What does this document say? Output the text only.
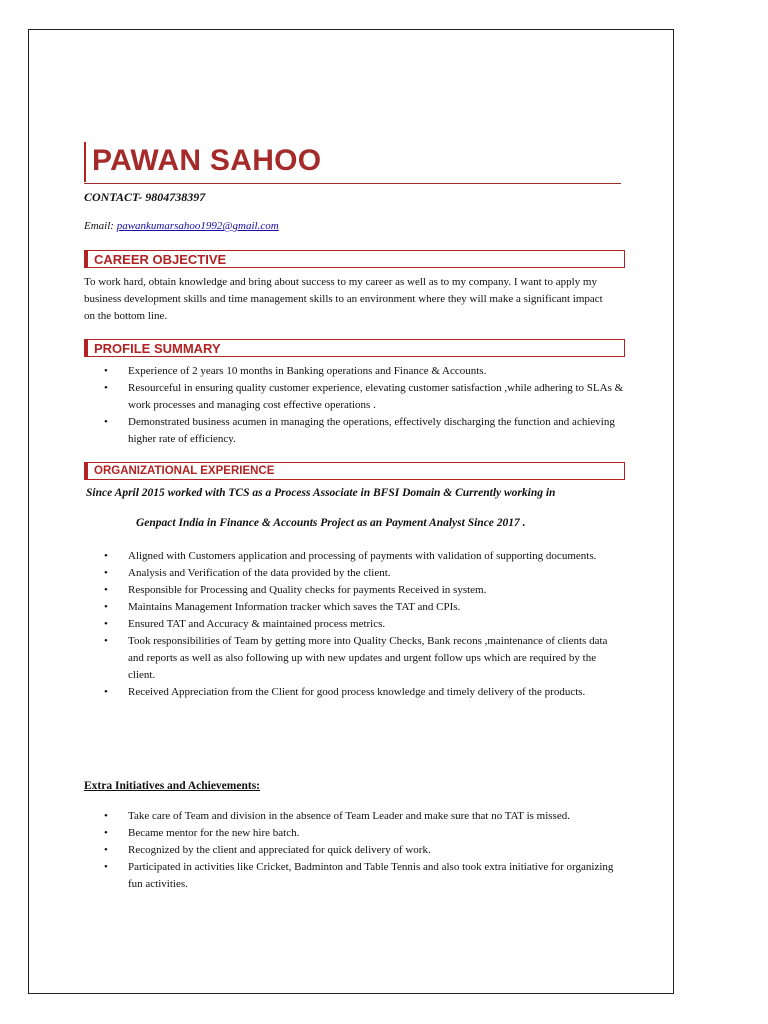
PAWAN SAHOO
CONTACT- 9804738397
Email: pawankumarsahoo1992@gmail.com
CAREER OBJECTIVE

To work hard, obtain knowledge and bring about success to my career as well as to my company. I want to apply my business development skills and time management skills to an environment where they will make a significant impact on the bottom line.

PROFILE SUMMARY
• Experience of 2 years 10 months in Banking operations and Finance & Accounts.
• Resourceful in ensuring quality customer experience, elevating customer satisfaction ,while adhering to SLAs & work processes and managing cost effective operations .
• Demonstrated business acumen in managing the operations, effectively discharging the function and achieving higher rate of efficiency.
ORGANIZATIONAL EXPERIENCE
Since April 2015 worked with TCS as a Process Associate in BFSI Domain & Currently working in
Genpact India in Finance & Accounts Project as an Payment Analyst Since 2017 .
• Aligned with Customers application and processing of payments with validation of supporting documents.
• Analysis and Verification of the data provided by the client.
• Responsible for Processing and Quality checks for payments Received in system.
• Maintains Management Information tracker which saves the TAT and CPIs.
• Ensured TAT and Accuracy & maintained process metrics.
• Took responsibilities of Team by getting more into Quality Checks, Bank recons ,maintenance of clients data and reports as well as also following up with new updates and urgent follow ups which are required by the client.
• Received Appreciation from the Client for good process knowledge and timely delivery of the products.
Extra Initiatives and Achievements:
• Take care of Team and division in the absence of Team Leader and make sure that no TAT is missed.
• Became mentor for the new hire batch.
• Recognized by the client and appreciated for quick delivery of work.
• Participated in activities like Cricket, Badminton and Table Tennis and also took extra initiative for organizing fun activities.
